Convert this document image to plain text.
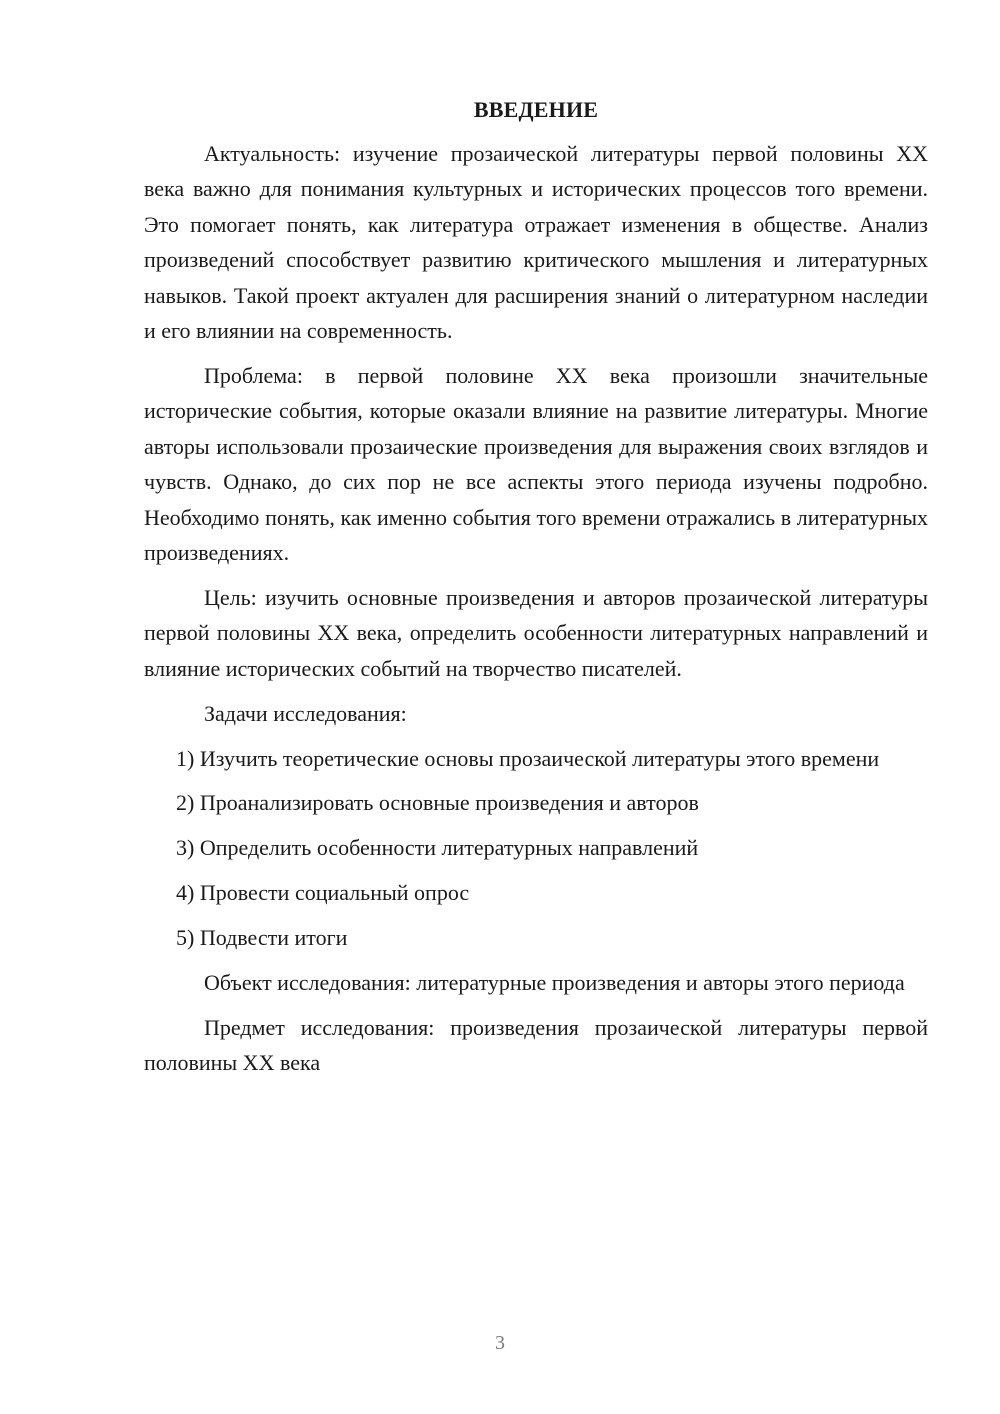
ВВЕДЕНИЕ

Актуальность: изучение прозаической литературы первой половины XX века важно для понимания культурных и исторических процессов того времени. Это помогает понять, как литература отражает изменения в обществе. Анализ произведений способствует развитию критического мышления и литературных навыков. Такой проект актуален для расширения знаний о литературном наследии и его влиянии на современность.

Проблема: в первой половине XX века произошли значительные исторические события, которые оказали влияние на развитие литературы. Многие авторы использовали прозаические произведения для выражения своих взглядов и чувств. Однако, до сих пор не все аспекты этого периода изучены подробно. Необходимо понять, как именно события того времени отражались в литературных произведениях.

Цель: изучить основные произведения и авторов прозаической литературы первой половины XX века, определить особенности литературных направлений и влияние исторических событий на творчество писателей.

Задачи исследования:

1) Изучить теоретические основы прозаической литературы этого времени

2) Проанализировать основные произведения и авторов

3) Определить особенности литературных направлений

4) Провести социальный опрос

5) Подвести итоги

Объект исследования: литературные произведения и авторы этого периода

Предмет исследования: произведения прозаической литературы первой половины XX века

3
